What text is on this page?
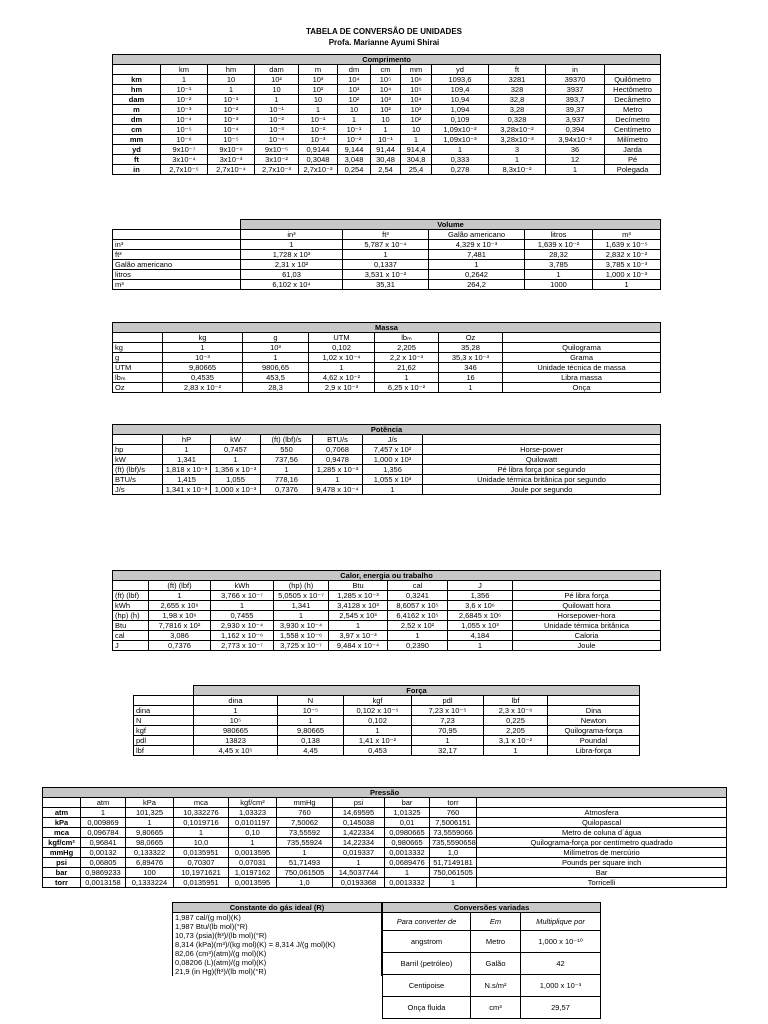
TABELA DE CONVERSÃO DE UNIDADES
Profa. Marianne Ayumi Shirai
Comprimento											
	km	hm	dam	m	dm	cm	mm	yd	ft	in	
km	1	10	10²	10³	10⁴	10⁵	10⁶	1093,6	3281	39370	Quilômetro
hm	10⁻¹	1	10	10²	10³	10⁴	10⁵	109,4	328	3937	Hectômetro
dam	10⁻²	10⁻¹	1	10	10²	10³	10⁴	10,94	32,8	393,7	Decâmetro
m	10⁻³	10⁻²	10⁻¹	1	10	10²	10³	1,094	3,28	39,37	Metro
dm	10⁻⁴	10⁻³	10⁻²	10⁻¹	1	10	10²	0,109	0,328	3,937	Decímetro
cm	10⁻⁵	10⁻⁴	10⁻³	10⁻²	10⁻¹	1	10	1,09x10⁻²	3,28x10⁻²	0,394	Centímetro
mm	10⁻⁶	10⁻⁵	10⁻⁴	10⁻³	10⁻²	10⁻¹	1	1,09x10⁻³	3,28x10⁻³	3,94x10⁻²	Milímetro
yd	9x10⁻⁷	9x10⁻⁶	9x10⁻⁵	0,9144	9,144	91,44	914,4	1	3	36	Jarda
ft	3x10⁻⁴	3x10⁻³	3x10⁻²	0,3048	3,048	30,48	304,8	0,333	1	12	Pé
in	2,7x10⁻⁵	2,7x10⁻⁴	2,7x10⁻³	2,7x10⁻²	0,254	2,54	25,4	0,278	8,3x10⁻²	1	Polegada
	Volume				
	in³	ft³	Galão americano	litros	m³
in³	1	5,787 x 10⁻⁴	4,329 x 10⁻³	1,639 x 10⁻²	1,639 x 10⁻⁵
ft³	1,728 x 10³	1	7,481	28,32	2,832 x 10⁻²
Galão americano	2,31 x 10²	0,1337	1	3,785	3,785 x 10⁻³
litros	61,03	3,531 x 10⁻²	0,2642	1	1,000 x 10⁻³
m³	6,102 x 10⁴	35,31	264,2	1000	1
Massa						
	kg	g	UTM	lbₘ	Oz	
kg	1	10³	0,102	2,205	35,28	Quilograma
g	10⁻³	1	1,02 x 10⁻⁴	2,2 x 10⁻³	35,3 x 10⁻³	Grama
UTM	9,80665	9806,65	1	21,62	346	Unidade técnica de massa
lbₘ	0,4535	453,5	4,62 x 10⁻²	1	16	Libra massa
Oz	2,83 x 10⁻²	28,3	2,9 x 10⁻³	6,25 x 10⁻²	1	Onça
Potência						
	hP	kW	(ft) (lbf)/s	BTU/s	J/s	
hp	1	0,7457	550	0,7068	7,457 x 10²	Horse-power
kW	1,341	1	737,56	0,9478	1,000 x 10³	Quilowatt
(ft) (lbf)/s	1,818 x 10⁻³	1,356 x 10⁻³	1	1,285 x 10⁻³	1,356	Pé libra força por segundo
BTU/s	1,415	1,055	778,16	1	1,055 x 10³	Unidade térmica britânica por segundo
J/s	1,341 x 10⁻³	1,000 x 10⁻³	0,7376	9,478 x 10⁻⁴	1	Joule por segundo
Calor, energia ou trabalho							
	(ft) (lbf)	kWh	(hp) (h)	Btu	cal	J	
(ft) (lbf)	1	3,766 x 10⁻⁷	5,0505 x 10⁻⁷	1,285 x 10⁻³	0,3241	1,356	Pé libra força
kWh	2,655 x 10⁶	1	1,341	3,4128 x 10³	8,6057 x 10⁵	3,6 x 10⁶	Quilowatt hora
(hp) (h)	1,98 x 10⁶	0,7455	1	2,545 x 10³	6,4162 x 10⁵	2,6845 x 10⁶	Horsepower-hora
Btu	7,7816 x 10²	2,930 x 10⁻⁴	3,930 x 10⁻⁴	1	2,52 x 10²	1,055 x 10³	Unidade térmica britânica
cal	3,086	1,162 x 10⁻⁶	1,558 x 10⁻⁶	3,97 x 10⁻³	1	4,184	Caloria
J	0,7376	2,773 x 10⁻⁷	3,725 x 10⁻⁷	9,484 x 10⁻⁴	0,2390	1	Joule
	Força					
	dina	N	kgf	pdl	lbf	
dina	1	10⁻⁵	0,102 x 10⁻⁵	7,23 x 10⁻⁵	2,3 x 10⁻⁶	Dina
N	10⁵	1	0,102	7,23	0,225	Newton
kgf	980665	9,80665	1	70,95	2,205	Quilograma-força
pdl	13823	0,138	1,41 x 10⁻²	1	3,1 x 10⁻²	Poundal
lbf	4,45 x 10⁵	4,45	0,453	32,17	1	Libra-força
Pressão									
	atm	kPa	mca	kgf/cm²	mmHg	psi	bar	torr	
atm	1	101,325	10,332276	1,03323	760	14,69595	1,01325	760	Atmosfera
kPa	0,009869	1	0,1019716	0,0101197	7,50062	0,145038	0,01	7,5006151	Quilopascal
mca	0,096784	9,80665	1	0,10	73,55592	1,422334	0,0980665	73,5559066	Metro de coluna d´água
kgf/cm²	0,96841	98,0665	10,0	1	735,55924	14,22334	0,980665	735,5590658	Quilograma-força por centímetro quadrado
mmHg	0,00132	0,133322	0,0135951	0,0013595	1	0,019337	0,0013332	1,0	Milímetros de mercúrio
psi	0,06805	6,89476	0,70307	0,07031	51,71493	1	0,0689476	51,7149181	Pounds per square inch
bar	0,9869233	100	10,1971621	1,0197162	750,061505	14,5037744	1	750,061505	Bar
torr	0,0013158	0,1333224	0,0135951	0,0013595	1,0	0,0193368	0,0013332	1	Torricelli
Constante do gás ideal (R)
1,987 cal/(g mol)(K)
1,987 Btu/(lb mol)(°R)
10,73 (psia)(ft³)/(lb mol)(°R)
8,314 (kPa)(m³)/(kg mol)(K) = 8,314 J/(g mol)(K)
82,06 (cm³)(atm)/(g mol)(K)
0,08206 (L)(atm)/(g mol)(K)
21,9 (in Hg)(ft³)/(lb mol)(°R)
Conversões variadas		
Para converter de	Em	Multiplique por
angstrom	Metro	1,000 x 10⁻¹⁰
Barril (petróleo)	Galão	42
Centipoise	N.s/m²	1,000 x 10⁻³
Onça fluida	cm³	29,57
